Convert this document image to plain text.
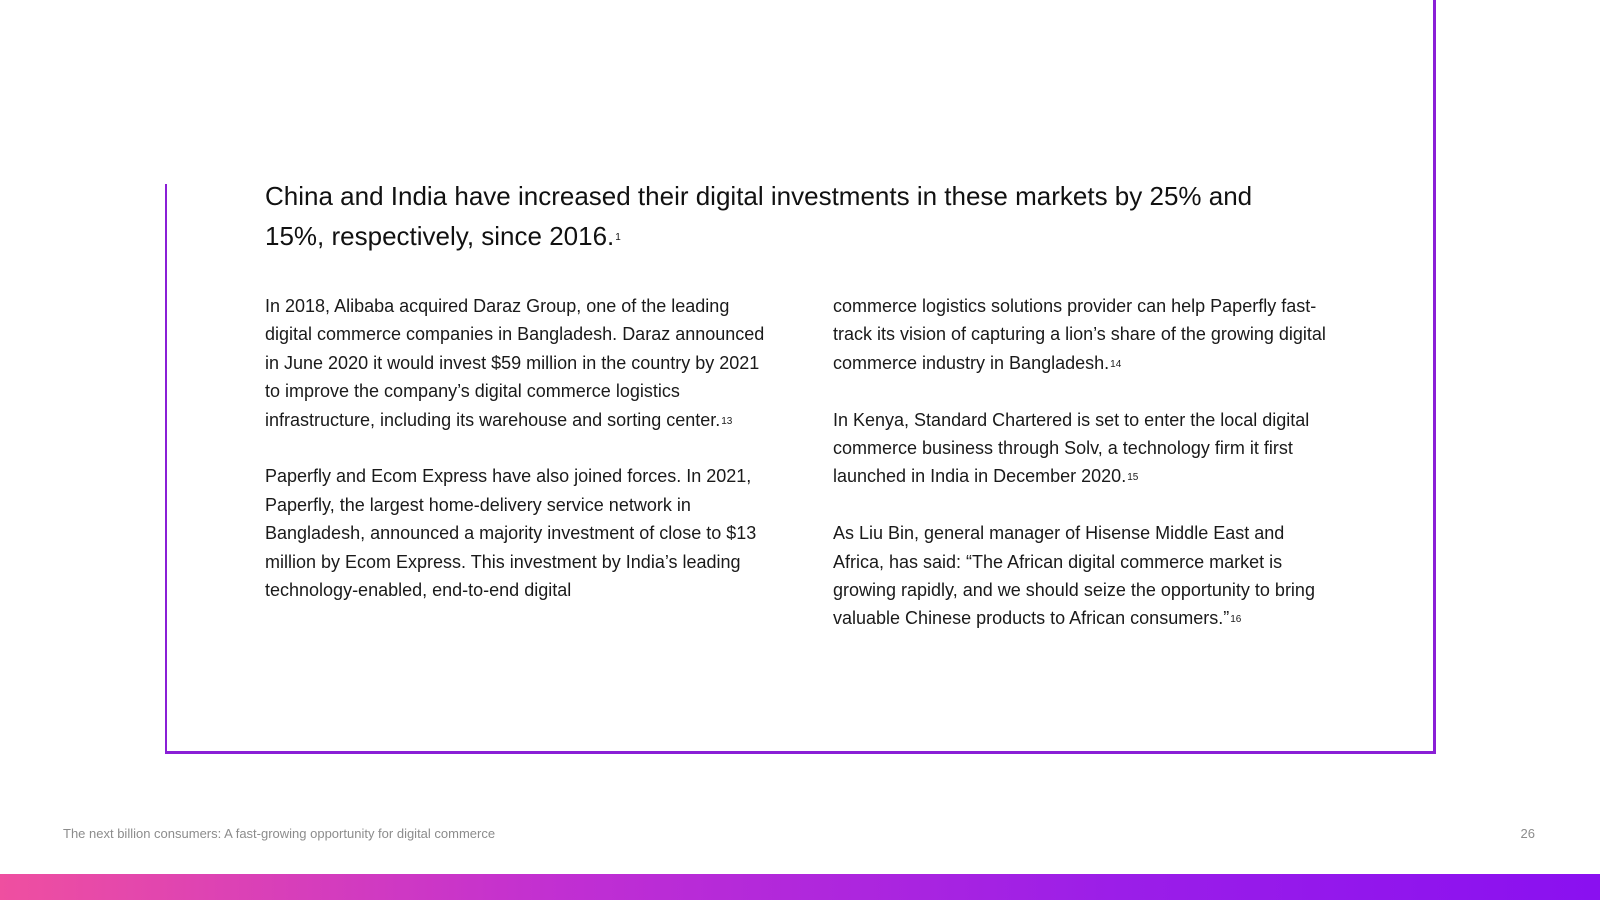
China and India have increased their digital investments in these markets by 25% and 15%, respectively, since 2016.$^1$

In 2018, Alibaba acquired Daraz Group, one of the leading digital commerce companies in Bangladesh. Daraz announced in June 2020 it would invest $59 million in the country by 2021 to improve the company’s digital commerce logistics infrastructure, including its warehouse and sorting center.$^{13}$

Paperfly and Ecom Express have also joined forces. In 2021, Paperfly, the largest home-delivery service network in Bangladesh, announced a majority investment of close to $13 million by Ecom Express. This investment by India’s leading technology-enabled, end-to-end digital

commerce logistics solutions provider can help Paperfly fast-track its vision of capturing a lion’s share of the growing digital commerce industry in Bangladesh.$^{14}$

In Kenya, Standard Chartered is set to enter the local digital commerce business through Solv, a technology firm it first launched in India in December 2020.15

As Liu Bin, general manager of Hisense Middle East and Africa, has said: “The African digital commerce market is growing rapidly, and we should seize the opportunity to bring valuable Chinese products to African consumers.”$^{16}$

The next billion consumers: A fast-growing opportunity for digital commerce	26
